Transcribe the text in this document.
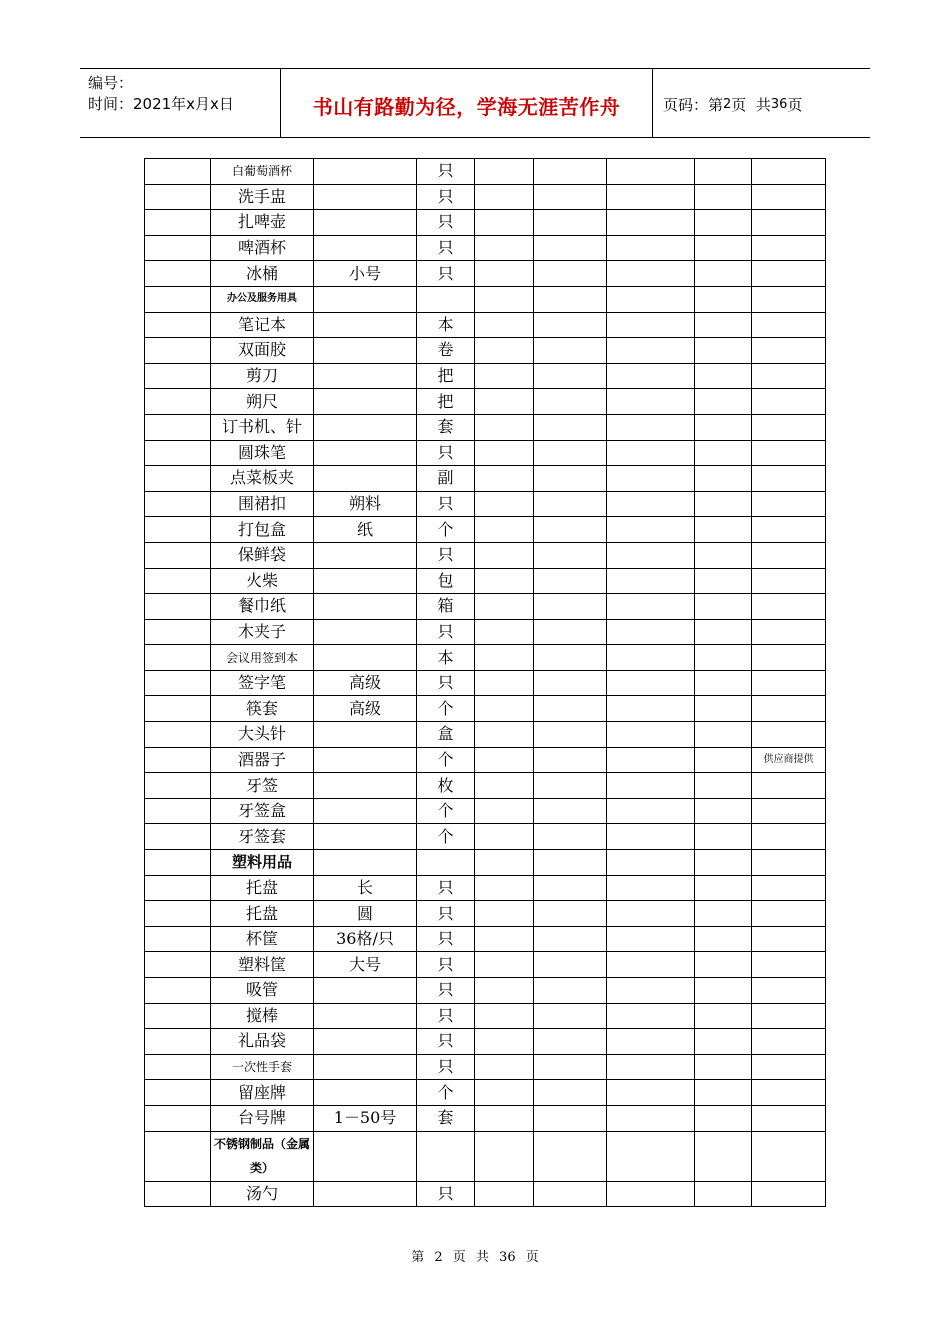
编号：
时间：2021年x月x日	书山有路勤为径，学海无涯苦作舟	页码：第 2 页  共 36 页
	白葡萄酒杯		只					
	洗手盅		只					
	扎啤壶		只					
	啤酒杯		只					
	冰桶	小号	只					
	办公及服务用具							
	笔记本		本					
	双面胶		卷					
	剪刀		把					
	朔尺		把					
	订书机、针		套					
	圆珠笔		只					
	点菜板夹		副					
	围裙扣	朔料	只					
	打包盒	纸	个					
	保鲜袋		只					
	火柴		包					
	餐巾纸		箱					
	木夹子		只					
	会议用签到本		本					
	签字笔	高级	只					
	筷套	高级	个					
	大头针		盒					
	酒器子		个					供应商提供
	牙签		枚					
	牙签盒		个					
	牙签套		个					
	塑料用品							
	托盘	长	只					
	托盘	圆	只					
	杯筐	36格/只	只					
	塑料筐	大号	只					
	吸管		只					
	搅棒		只					
	礼品袋		只					
	一次性手套		只					
	留座牌		个					
	台号牌	1－50号	套					
	不锈钢制品（金属类）							
	汤勺		只					
第 2 页 共 36 页
